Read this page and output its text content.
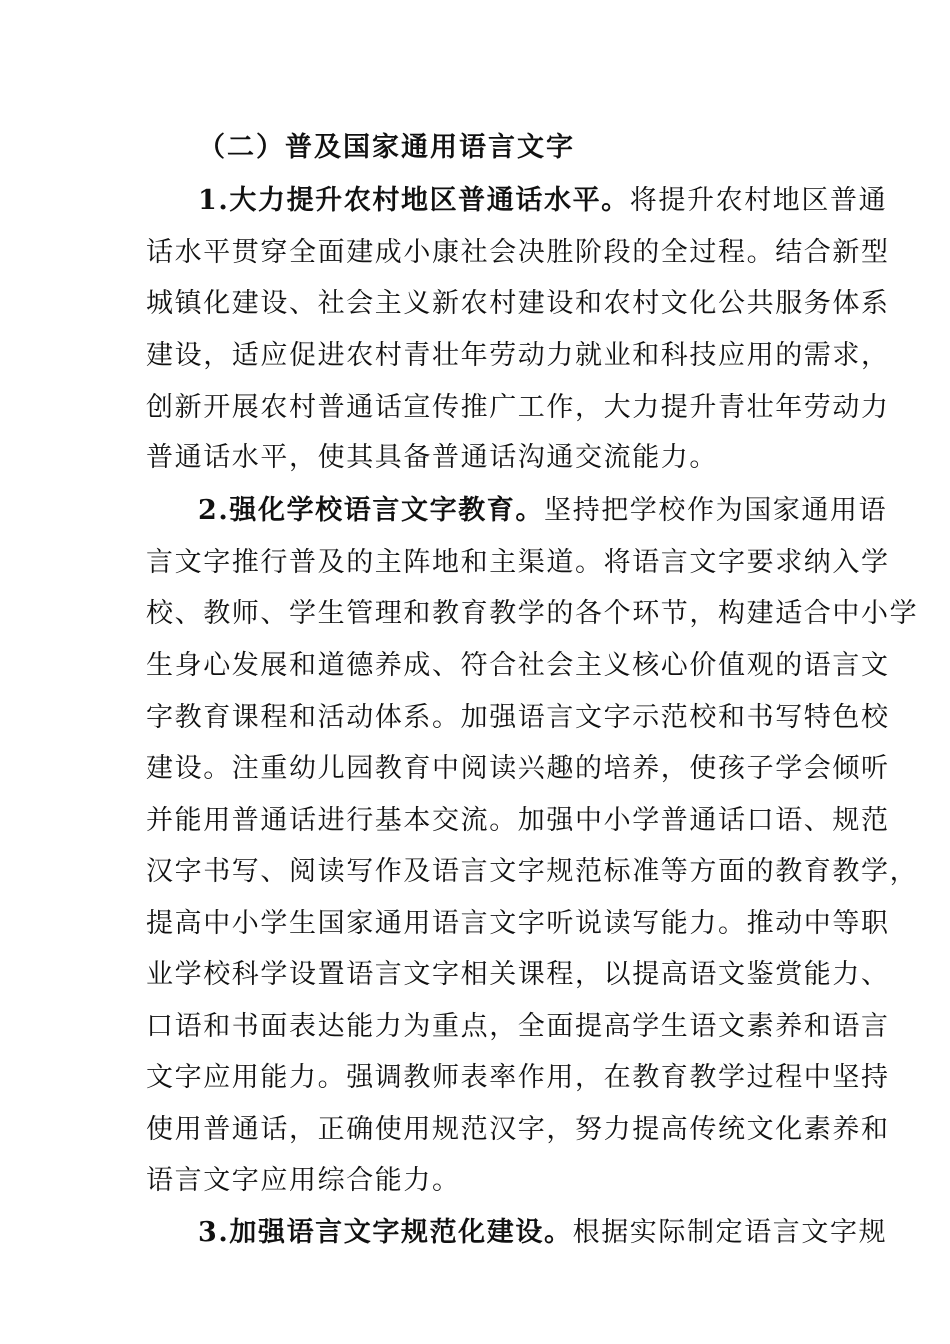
（二）普及国家通用语言文字
1.大力提升农村地区普通话水平。将提升农村地区普通
话水平贯穿全面建成小康社会决胜阶段的全过程。结合新型
城镇化建设、社会主义新农村建设和农村文化公共服务体系
建设，适应促进农村青壮年劳动力就业和科技应用的需求，
创新开展农村普通话宣传推广工作，大力提升青壮年劳动力
普通话水平，使其具备普通话沟通交流能力。
2.强化学校语言文字教育。坚持把学校作为国家通用语
言文字推行普及的主阵地和主渠道。将语言文字要求纳入学
校、教师、学生管理和教育教学的各个环节，构建适合中小学
生身心发展和道德养成、符合社会主义核心价值观的语言文
字教育课程和活动体系。加强语言文字示范校和书写特色校
建设。注重幼儿园教育中阅读兴趣的培养，使孩子学会倾听
并能用普通话进行基本交流。加强中小学普通话口语、规范
汉字书写、阅读写作及语言文字规范标准等方面的教育教学，
提高中小学生国家通用语言文字听说读写能力。推动中等职
业学校科学设置语言文字相关课程，以提高语文鉴赏能力、
口语和书面表达能力为重点，全面提高学生语文素养和语言
文字应用能力。强调教师表率作用，在教育教学过程中坚持
使用普通话，正确使用规范汉字，努力提高传统文化素养和
语言文字应用综合能力。
3.加强语言文字规范化建设。根据实际制定语言文字规
